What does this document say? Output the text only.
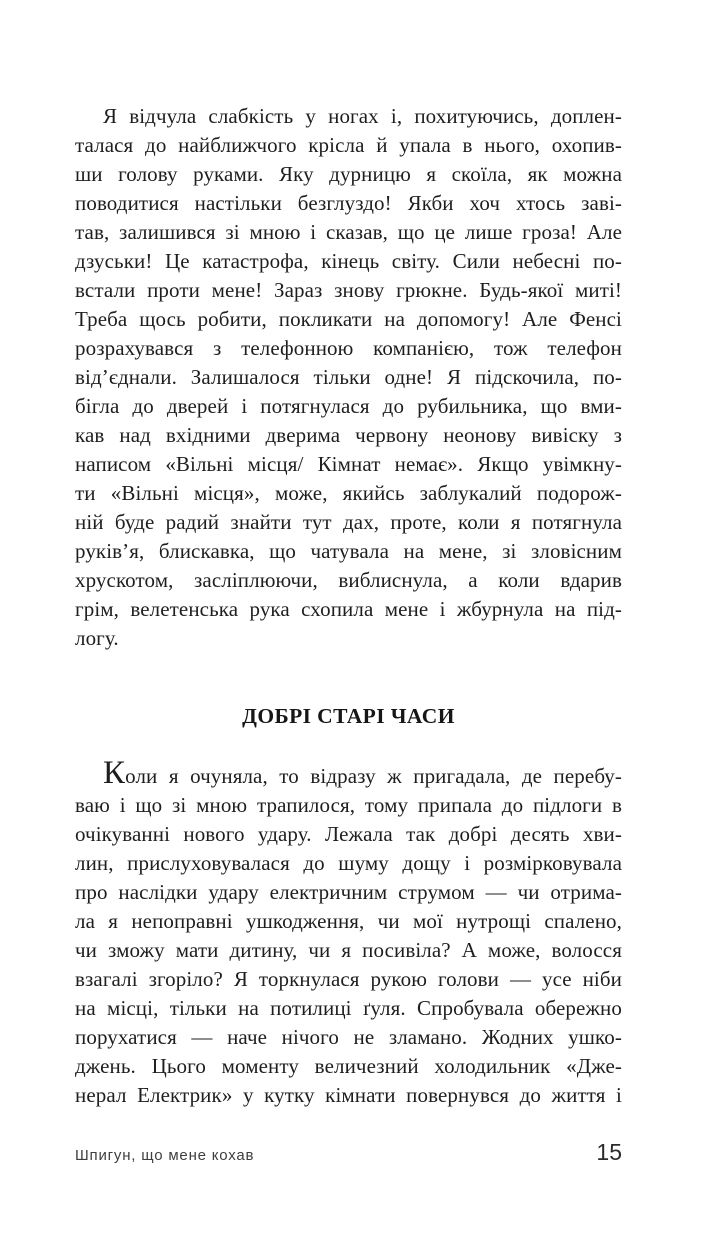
Я відчула слабкість у ногах і, похитуючись, доплен-
талася до найближчого крісла й упала в нього, охопив-
ши голову руками. Яку дурницю я скоїла, як можна
поводитися настільки безглуздо! Якби хоч хтось заві-
тав, залишився зі мною і сказав, що це лише гроза! Але
дзуськи! Це катастрофа, кінець світу. Сили небесні по-
встали проти мене! Зараз знову грюкне. Будь-якої миті!
Треба щось робити, покликати на допомогу! Але Фенсі
розрахувався з телефонною компанією, тож телефон
від’єднали. Залишалося тільки одне! Я підскочила, по-
бігла до дверей і потягнулася до рубильника, що вми-
кав над вхідними дверима червону неонову вивіску з
написом «Вільні місця/ Кімнат немає». Якщо увімкну-
ти «Вільні місця», може, якийсь заблукалий подорож-
ній буде радий знайти тут дах, проте, коли я потягнула
руків’я, блискавка, що чатувала на мене, зі зловісним
хрускотом, засліплюючи, виблиснула, а коли вдарив
грім, велетенська рука схопила мене і жбурнула на під-
логу.
ДОБРІ СТАРІ ЧАСИ
Коли я очуняла, то відразу ж пригадала, де перебу-
ваю і що зі мною трапилося, тому припала до підлоги в
очікуванні нового удару. Лежала так добрі десять хви-
лин, прислуховувалася до шуму дощу і розмірковувала
про наслідки удару електричним струмом — чи отрима-
ла я непоправні ушкодження, чи мої нутрощі спалено,
чи зможу мати дитину, чи я посивіла? А може, волосся
взагалі згоріло? Я торкнулася рукою голови — усе ніби
на місці, тільки на потилиці ґуля. Спробувала обережно
порухатися — наче нічого не зламано. Жодних ушко-
джень. Цього моменту величезний холодильник «Дже-
нерал Електрик» у кутку кімнати повернувся до життя і
Шпигун, що мене кохав	15
